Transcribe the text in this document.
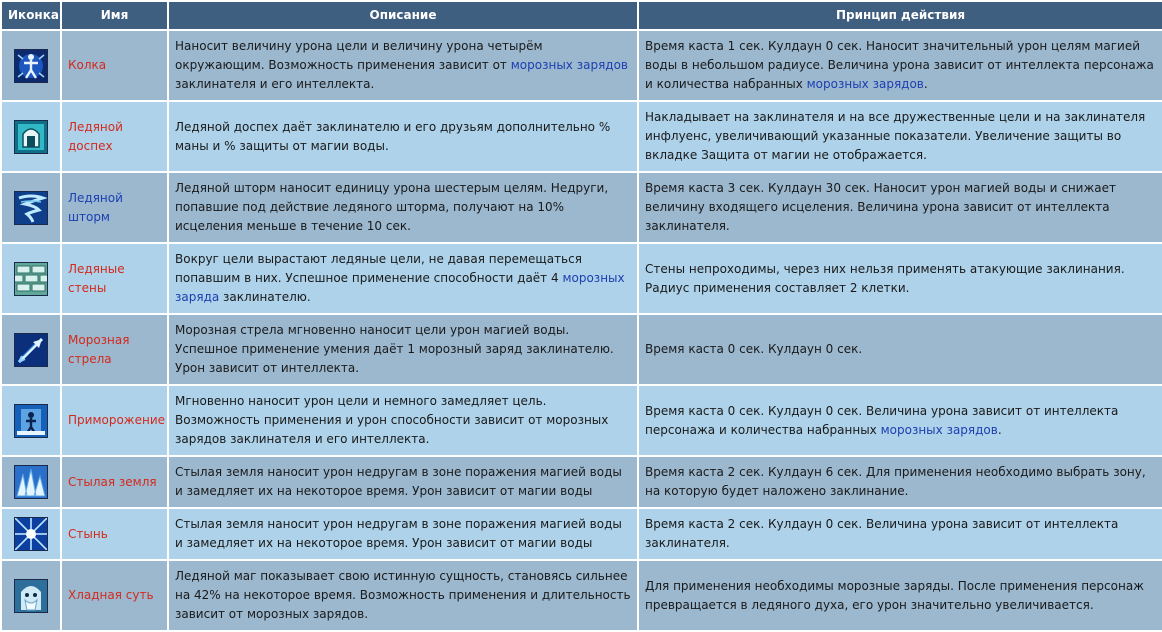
Иконка	Имя	Описание	Принцип действия

	Колка	Наносит величину урона цели и величину урона четырём окружающим. Возможность применения зависит от морозных зарядов заклинателя и его интеллекта.	Время каста 1 сек. Кулдаун 0 сек. Наносит значительный урон целям магией воды в небольшом радиусе. Величина урона зависит от интеллекта персонажа и количества набранных морозных зарядов.

	Ледяной доспех	Ледяной доспех даёт заклинателю и его друзьям дополнительно % маны и % защиты от магии воды.	Накладывает на заклинателя и на все дружественные цели и на заклинателя инфлуенс, увеличивающий указанные показатели. Увеличение защиты во вкладке Защита от магии не отображается.

	Ледяной шторм	Ледяной шторм наносит единицу урона шестерым целям. Недруги, попавшие под действие ледяного шторма, получают на 10% исцеления меньше в течение 10 сек.	Время каста 3 сек. Кулдаун 30 сек. Наносит урон магией воды и снижает величину входящего исцеления. Величина урона зависит от интеллекта заклинателя.

	Ледяные стены	Вокруг цели вырастают ледяные цели, не давая перемещаться попавшим в них. Успешное применение способности даёт 4 морозных заряда заклинателю.	Стены непроходимы, через них нельзя применять атакующие заклинания. Радиус применения составляет 2 клетки.

	Морозная стрела	Морозная стрела мгновенно наносит цели урон магией воды. Успешное применение умения даёт 1 морозный заряд заклинателю. Урон зависит от интеллекта.	Время каста 0 сек. Кулдаун 0 сек.

	Приморожение	Мгновенно наносит урон цели и немного замедляет цель. Возможность применения и урон способности зависит от морозных зарядов заклинателя и его интеллекта.	Время каста 0 сек. Кулдаун 0 сек. Величина урона зависит от интеллекта персонажа и количества набранных морозных зарядов.

	Стылая земля	Стылая земля наносит урон недругам в зоне поражения магией воды и замедляет их на некоторое время. Урон зависит от магии воды	Время каста 2 сек. Кулдаун 6 сек. Для применения необходимо выбрать зону, на которую будет наложено заклинание.

	Стынь	Стылая земля наносит урон недругам в зоне поражения магией воды и замедляет их на некоторое время. Урон зависит от магии воды	Время каста 2 сек. Кулдаун 0 сек. Величина урона зависит от интеллекта заклинателя.

	Хладная суть	Ледяной маг показывает свою истинную сущность, становясь сильнее на 42% на некоторое время. Возможность применения и длительность зависит от морозных зарядов.	Для применения необходимы морозные заряды. После применения персонаж превращается в ледяного духа, его урон значительно увеличивается.
